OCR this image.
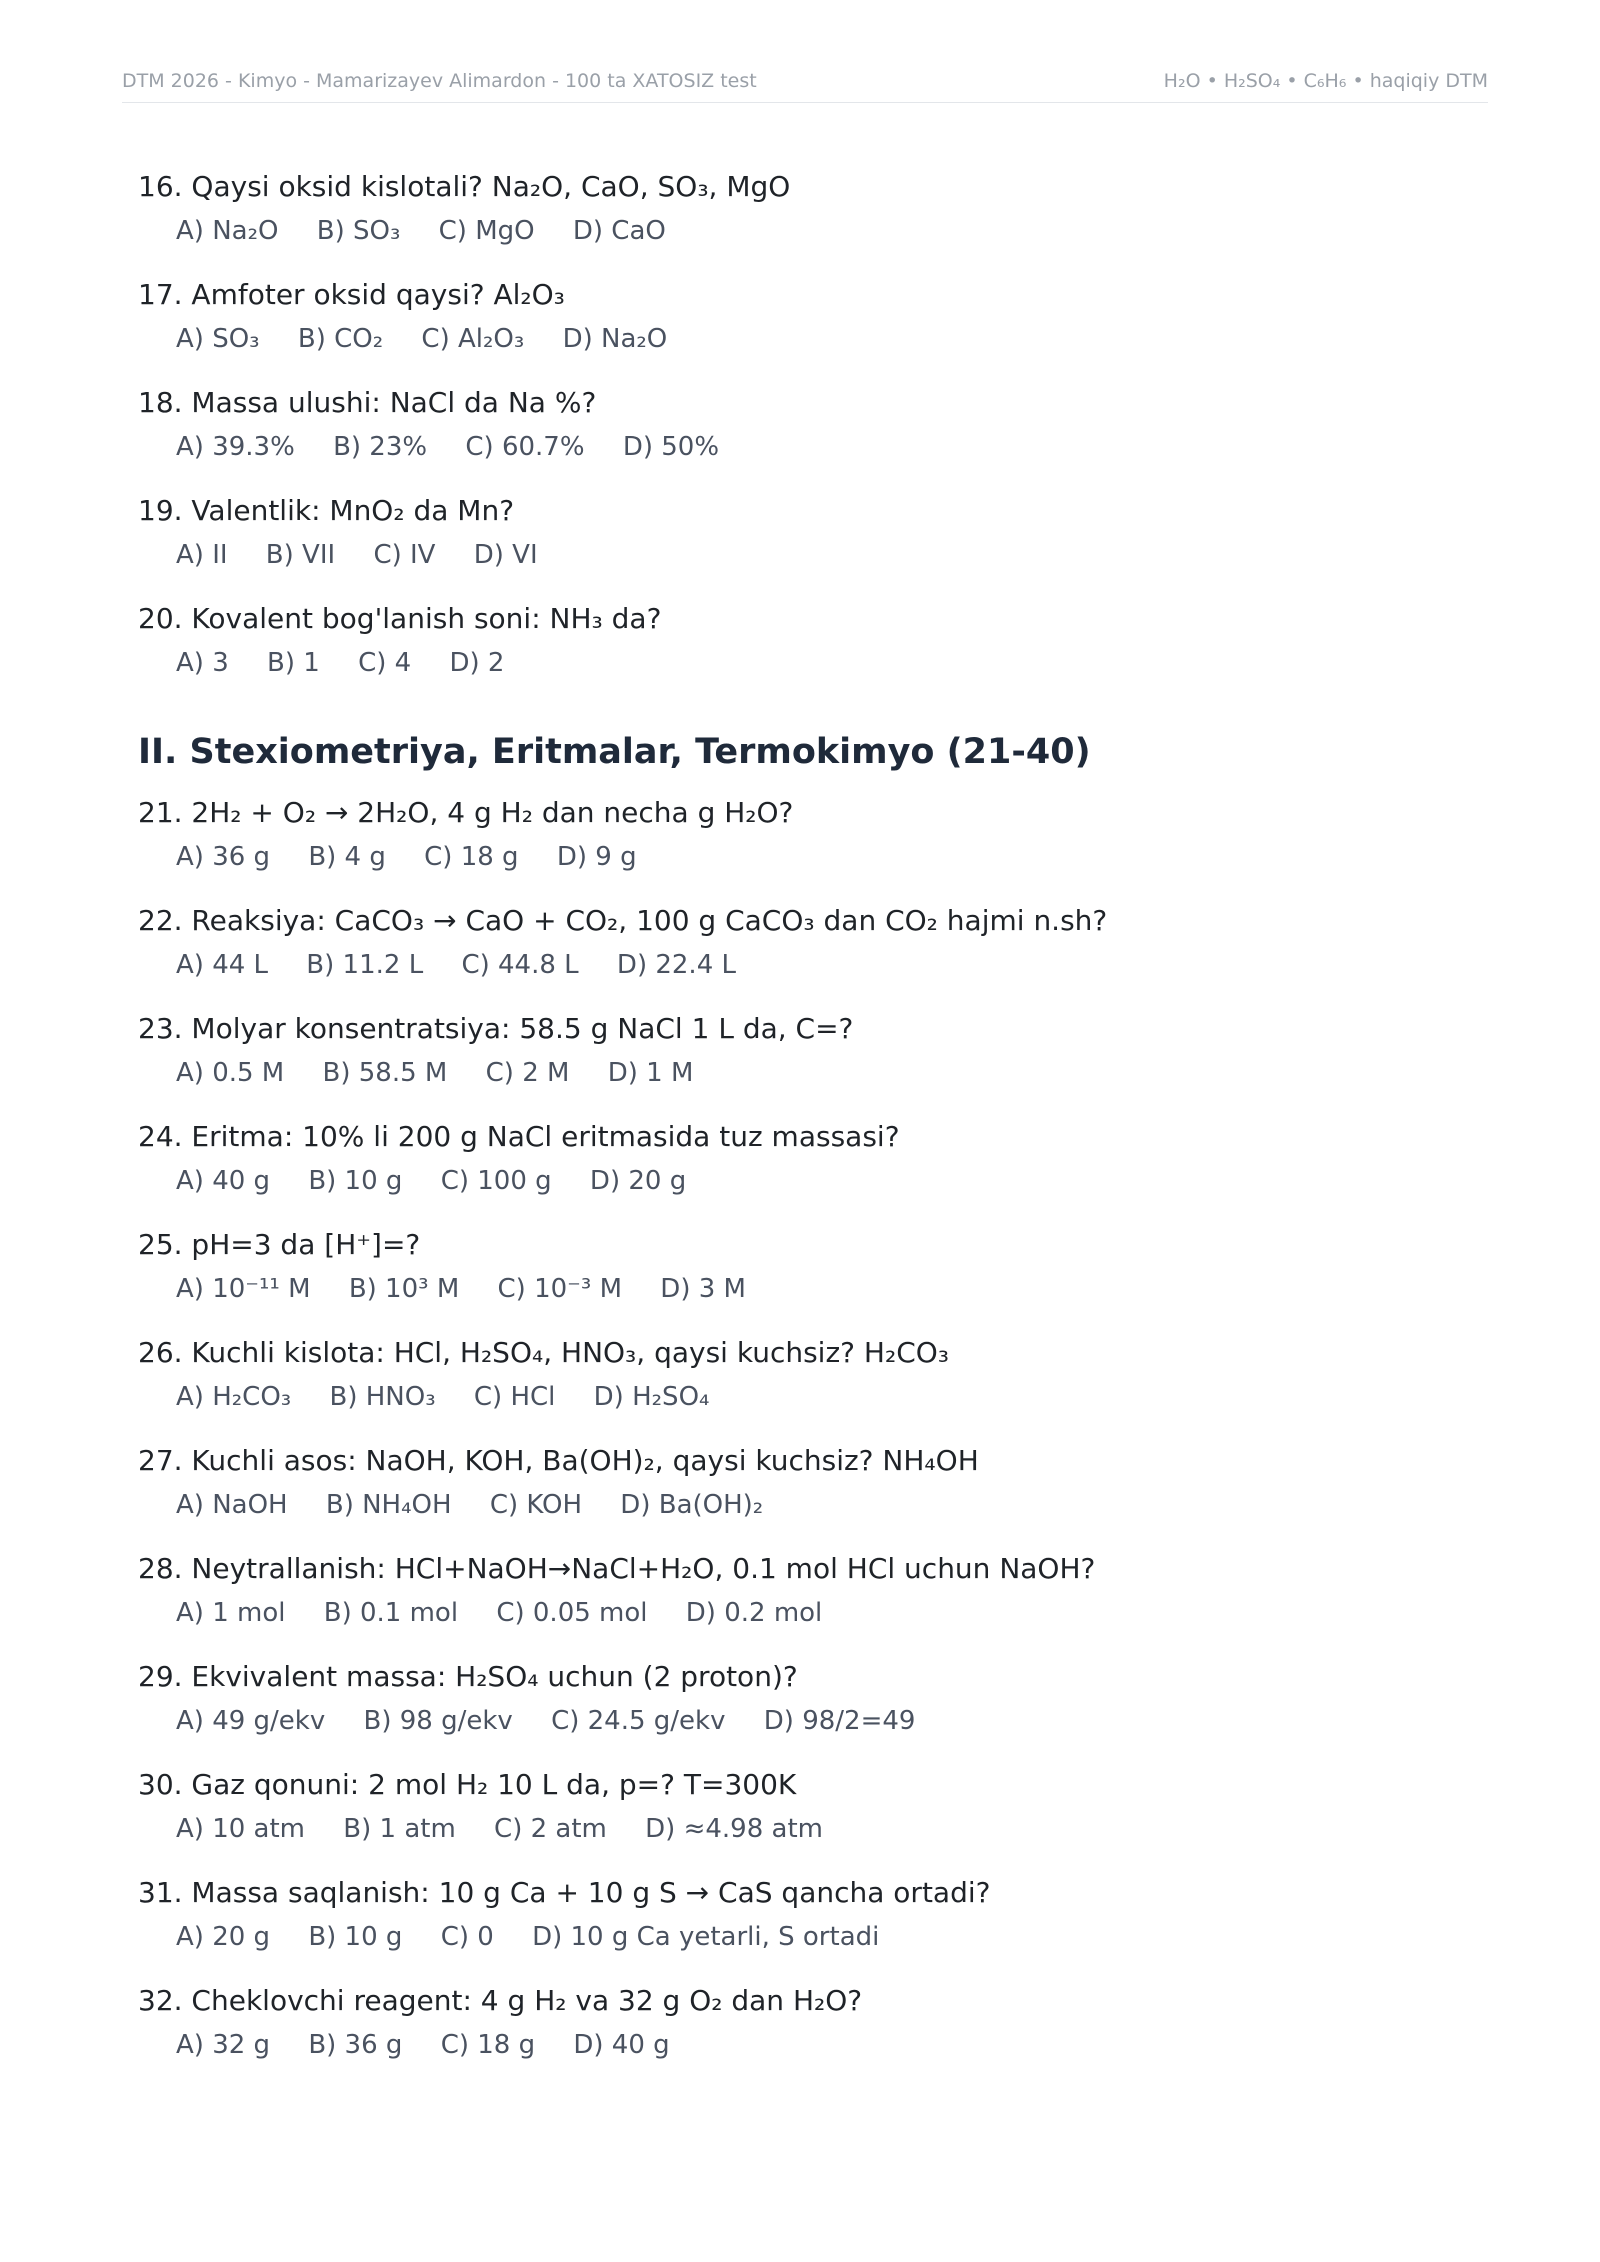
DTM 2026 - Kimyo - Mamarizayev Alimardon - 100 ta XATOSIZ test	H₂O • H₂SO₄ • C₆H₆ • haqiqiy DTM
16. Qaysi oksid kislotali? Na₂O, CaO, SO₃, MgO
A) Na₂O B) SO₃ C) MgO D) CaO
17. Amfoter oksid qaysi? Al₂O₃
A) SO₃ B) CO₂ C) Al₂O₃ D) Na₂O
18. Massa ulushi: NaCl da Na %?
A) 39.3% B) 23% C) 60.7% D) 50%
19. Valentlik: MnO₂ da Mn?
A) II B) VII C) IV D) VI
20. Kovalent bog'lanish soni: NH₃ da?
A) 3 B) 1 C) 4 D) 2
II. Stexiometriya, Eritmalar, Termokimyo (21-40)
21. 2H₂ + O₂ → 2H₂O, 4 g H₂ dan necha g H₂O?
A) 36 g B) 4 g C) 18 g D) 9 g
22. Reaksiya: CaCO₃ → CaO + CO₂, 100 g CaCO₃ dan CO₂ hajmi n.sh?
A) 44 L B) 11.2 L C) 44.8 L D) 22.4 L
23. Molyar konsentratsiya: 58.5 g NaCl 1 L da, C=?
A) 0.5 M B) 58.5 M C) 2 M D) 1 M
24. Eritma: 10% li 200 g NaCl eritmasida tuz massasi?
A) 40 g B) 10 g C) 100 g D) 20 g
25. pH=3 da [H⁺]=?
A) 10⁻¹¹ M B) 10³ M C) 10⁻³ M D) 3 M
26. Kuchli kislota: HCl, H₂SO₄, HNO₃, qaysi kuchsiz? H₂CO₃
A) H₂CO₃ B) HNO₃ C) HCl D) H₂SO₄
27. Kuchli asos: NaOH, KOH, Ba(OH)₂, qaysi kuchsiz? NH₄OH
A) NaOH B) NH₄OH C) KOH D) Ba(OH)₂
28. Neytrallanish: HCl+NaOH→NaCl+H₂O, 0.1 mol HCl uchun NaOH?
A) 1 mol B) 0.1 mol C) 0.05 mol D) 0.2 mol
29. Ekvivalent massa: H₂SO₄ uchun (2 proton)?
A) 49 g/ekv B) 98 g/ekv C) 24.5 g/ekv D) 98/2=49
30. Gaz qonuni: 2 mol H₂ 10 L da, p=? T=300K
A) 10 atm B) 1 atm C) 2 atm D) ≈4.98 atm
31. Massa saqlanish: 10 g Ca + 10 g S → CaS qancha ortadi?
A) 20 g B) 10 g C) 0 D) 10 g Ca yetarli, S ortadi
32. Cheklovchi reagent: 4 g H₂ va 32 g O₂ dan H₂O?
A) 32 g B) 36 g C) 18 g D) 40 g
